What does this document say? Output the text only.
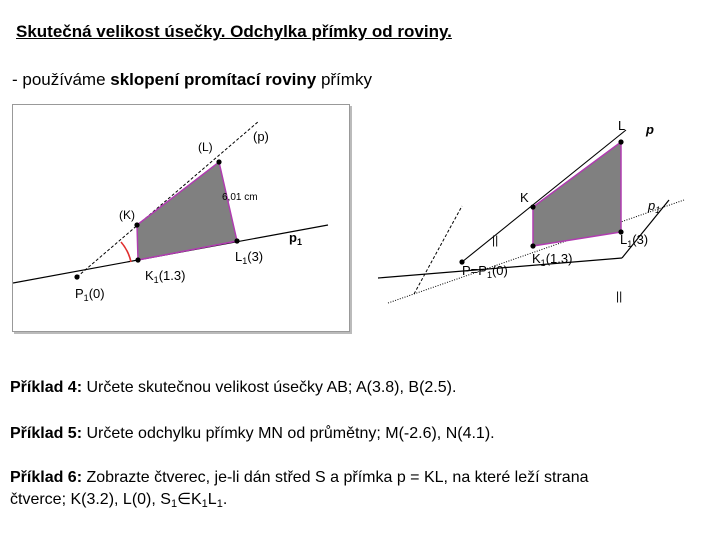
Skutečná velikost úsečky. Odchylka přímky od roviny.
- používáme sklopení promítací roviny přímky
(L)
(p)
6,01 cm
(K)
$p_1$
$L_1(3)$
$K_1(1.3)$
$P_1(0)$
L p
K
$p_1$
||	$L_1(3)$
$P=P_1(0)$
$K_1(1.3)$
||
Příklad 4: Určete skutečnou velikost úsečky AB; A(3.8), B(2.5).
Příklad 5: Určete odchylku přímky MN od průmětny; M(-2.6), N(4.1).
Příklad 6: Zobrazte čtverec, je-li dán střed S a přímka p = KL, na které leží strana
čtverce; K(3.2), L(0), $S_1\in K_1L_1$.
